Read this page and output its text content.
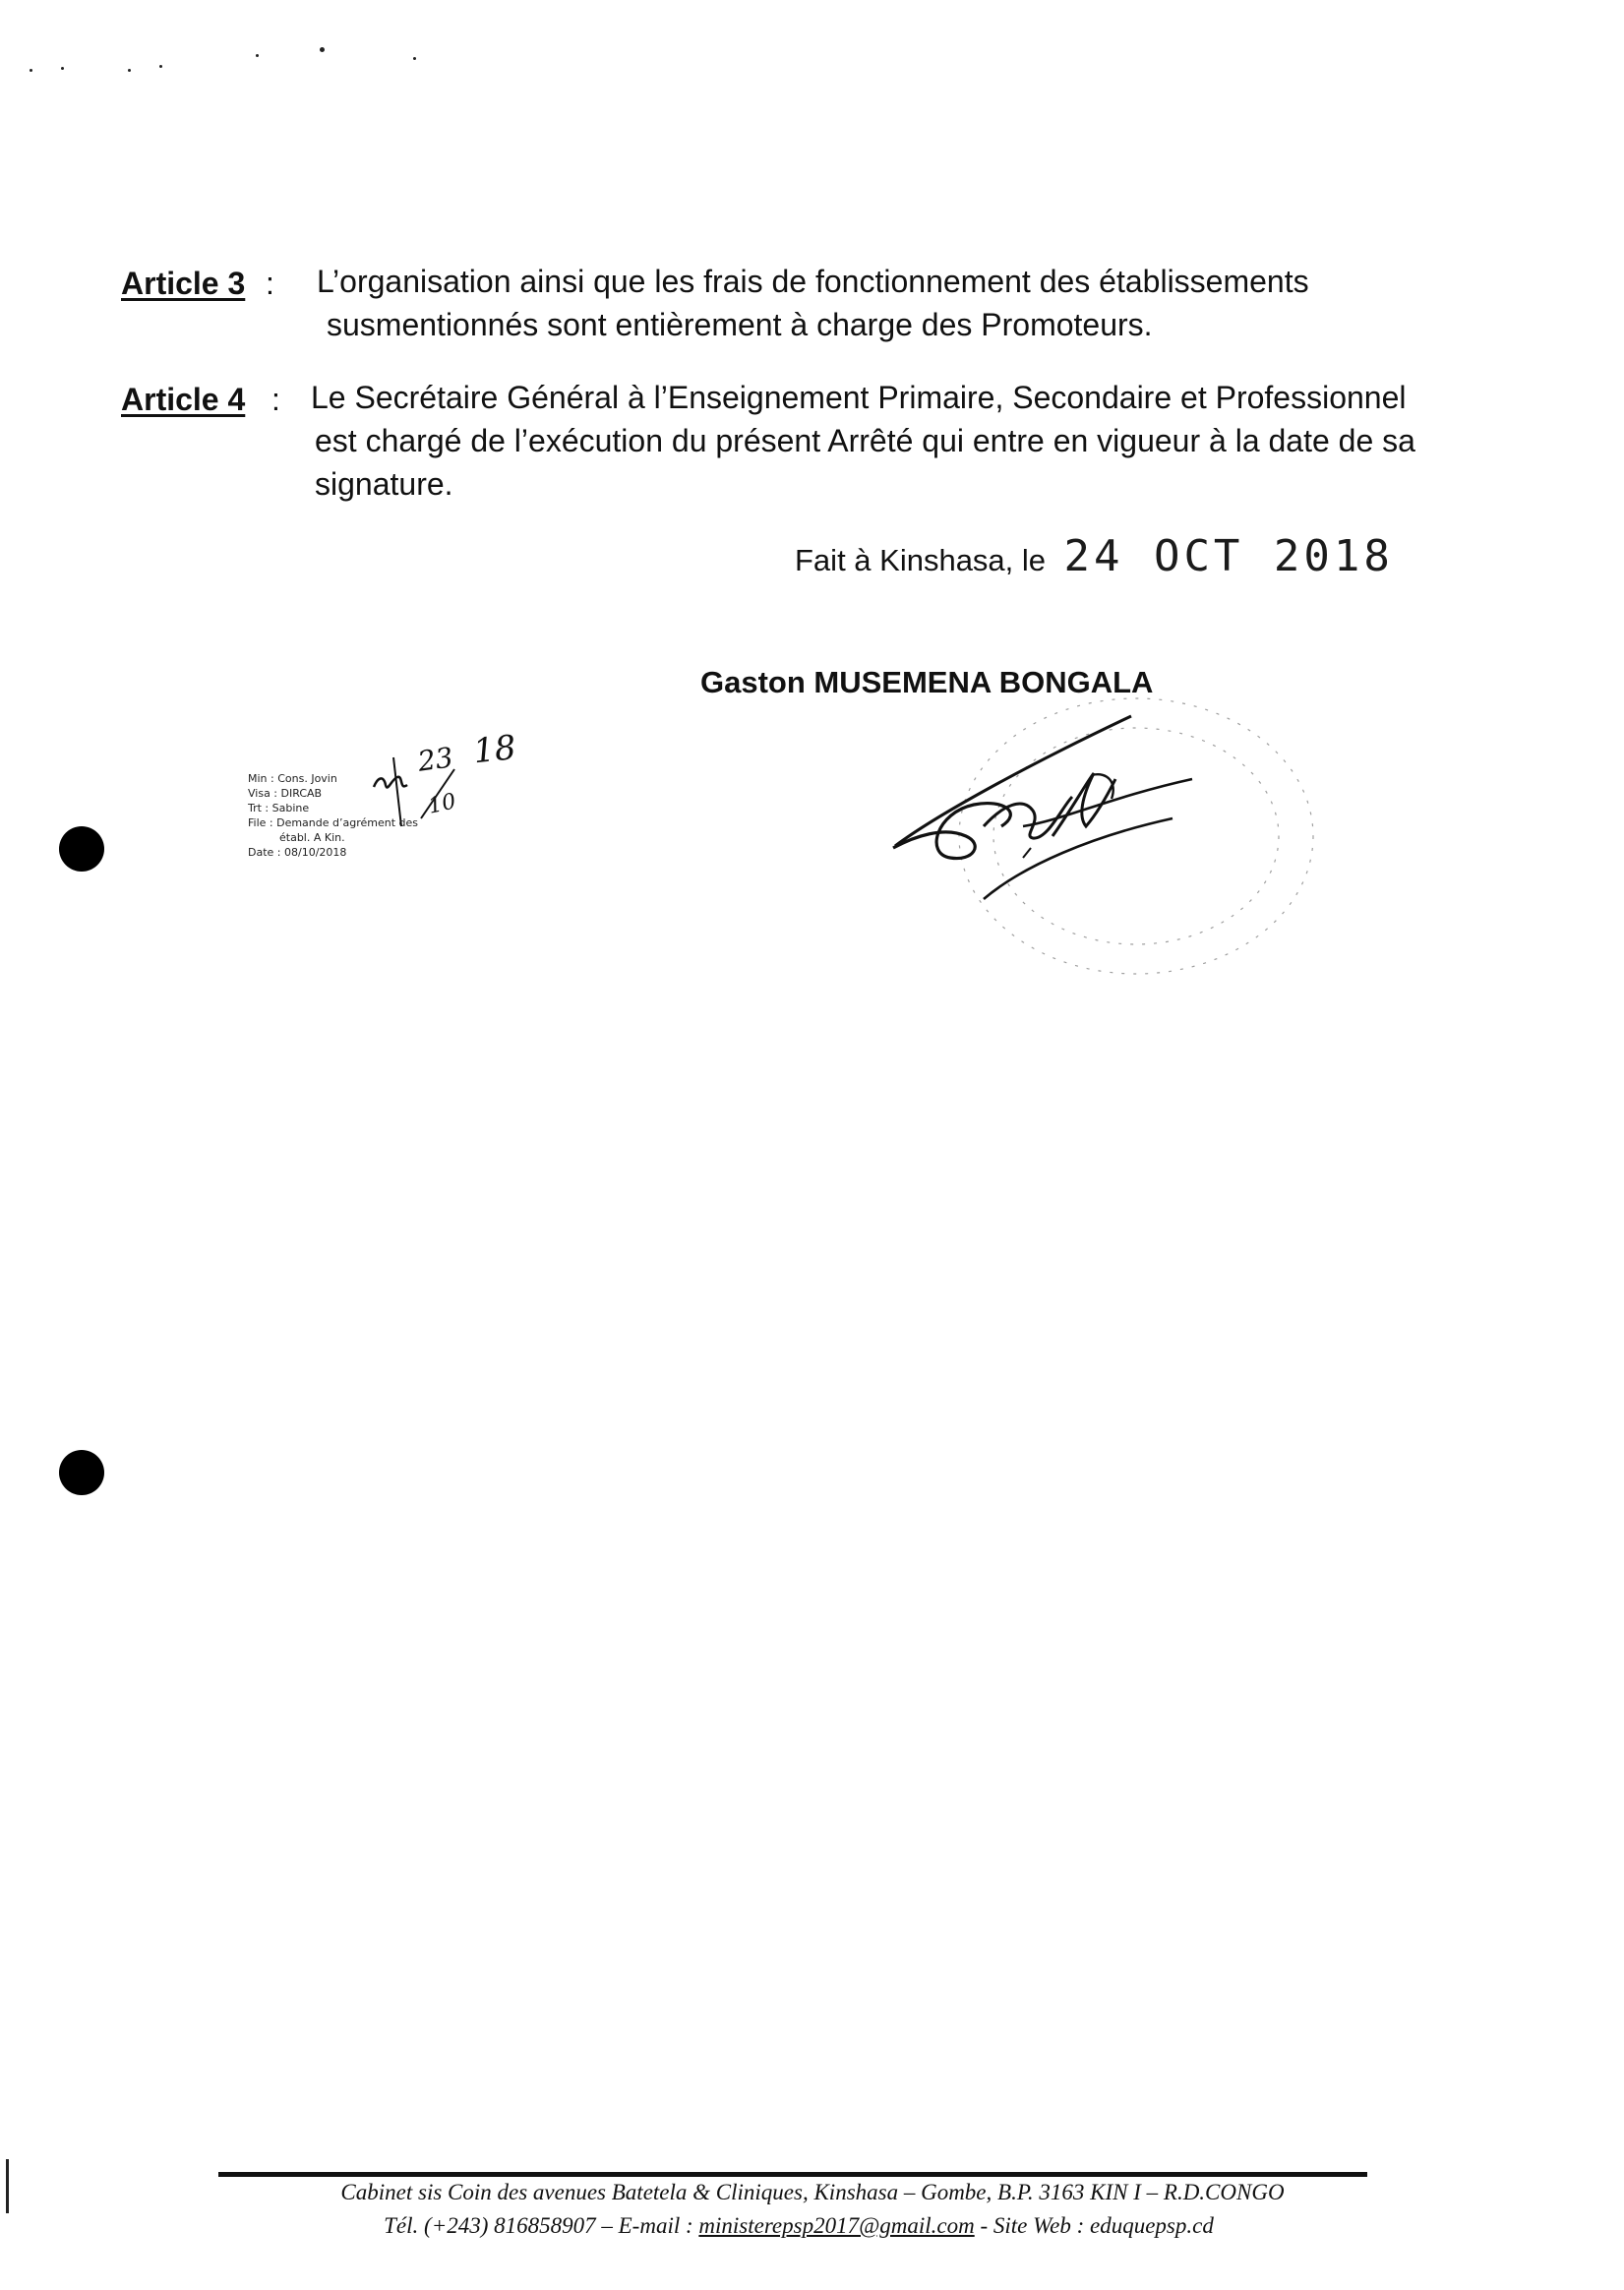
Article 3 : L’organisation ainsi que les frais de fonctionnement des établissements
susmentionnés sont entièrement à charge des Promoteurs.
Article 4 : Le Secrétaire Général à l’Enseignement Primaire, Secondaire et Professionnel
est chargé de l’exécution du présent Arrêté qui entre en vigueur à la date de sa
signature.
Fait à Kinshasa, le 24 OCT 2018
Gaston MUSEMENA BONGALA
Min : Cons. Jovin
Visa : DIRCAB
Trt : Sabine
File : Demande d’agrément des
établ. A Kin.
Date : 08/10/2018
23
10
18
Cabinet sis Coin des avenues Batetela & Cliniques, Kinshasa – Gombe, B.P. 3163 KIN I – R.D.CONGO
Tél. (+243) 816858907 – E-mail : ministerepsp2017@gmail.com - Site Web : eduquepsp.cd
